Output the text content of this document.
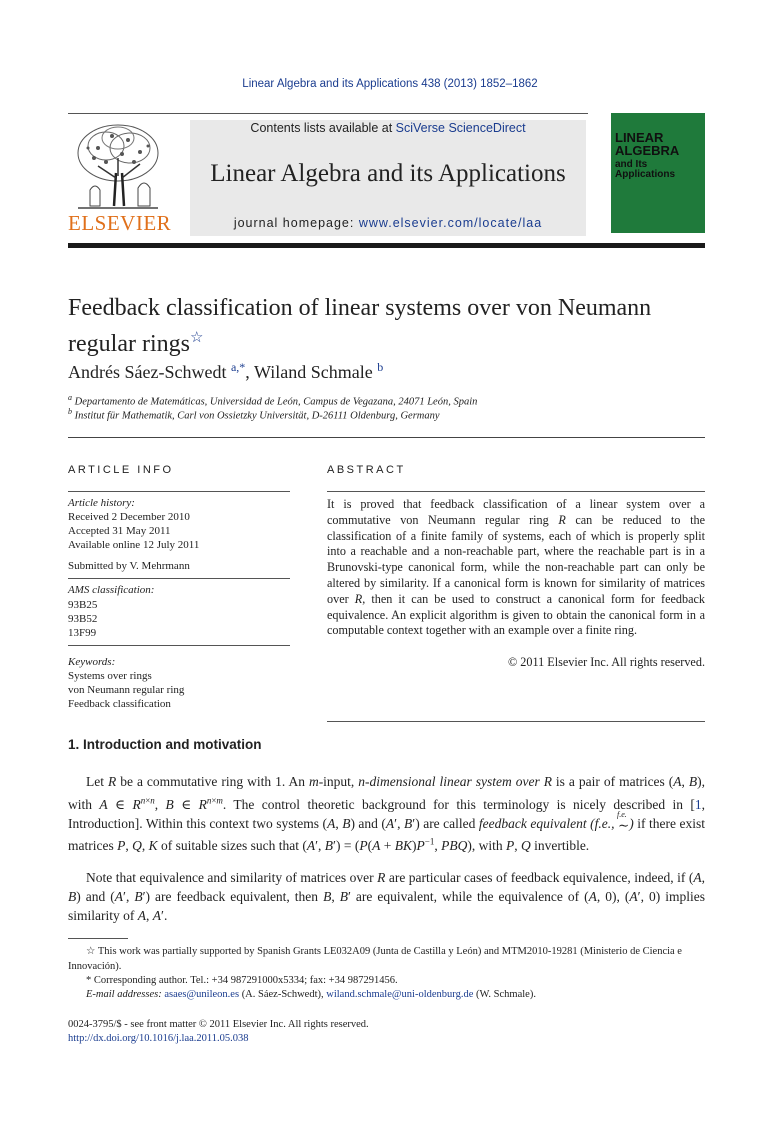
Linear Algebra and its Applications 438 (2013) 1852–1862
ELSEVIER
Contents lists available at SciVerse ScienceDirect
Linear Algebra and its Applications
journal homepage: www.elsevier.com/locate/laa
LINEAR
ALGEBRA
and Its
Applications
Feedback classification of linear systems over von Neumann
regular rings☆
Andrés Sáez-Schwedt $^{a,*}$, Wiland Schmale $^b$
$^a$ Departamento de Matemáticas, Universidad de León, Campus de Vegazana, 24071 León, Spain
$^b$ Institut für Mathematik, Carl von Ossietzky Universität, D-26111 Oldenburg, Germany
ARTICLE INFO
Article history:
Received 2 December 2010
Accepted 31 May 2011
Available online 12 July 2011
Submitted by V. Mehrmann
AMS classification:
93B25
93B52
13F99
Keywords:
Systems over rings
von Neumann regular ring
Feedback classification
ABSTRACT
It is proved that feedback classification of a linear system over a commutative von Neumann regular ring R can be reduced to the classification of a finite family of systems, each of which is properly split into a reachable and a non-reachable part, where the reachable part is in a Brunovski-type canonical form, while the non-reachable part can only be altered by similarity. If a canonical form is known for similarity of matrices over R, then it can be used to construct a canonical form for feedback equivalence. An explicit algorithm is given to obtain the canonical form in a computable context together with an example over a finite ring.
© 2011 Elsevier Inc. All rights reserved.
1. Introduction and motivation
Let R be a commutative ring with 1. An m-input, n-dimensional linear system over R is a pair of matrices (A, B), with A ∈ $R^{n\times n}$, B ∈ $R^{n\times m}$. The control theoretic background for this terminology is nicely described in [1, Introduction]. Within this context two systems (A, B) and (A′, B′) are called feedback equivalent (f.e.,
f.e.
∼) if there exist matrices P, Q, K of suitable sizes such that (A′, $B') = (P(A + BK)P^{-1}$, PBQ), with P, Q invertible.
Note that equivalence and similarity of matrices over R are particular cases of feedback equivalence, indeed, if (A, B) and (A′, B′) are feedback equivalent, then B, B′ are equivalent, while the equivalence of (A, 0), (A′, 0) implies similarity of A, A′.
☆ This work was partially supported by Spanish Grants LE032A09 (Junta de Castilla y León) and MTM2010-19281 (Ministerio de Ciencia e Innovación).
* Corresponding author. Tel.: +34 987291000x5334; fax: +34 987291456.
E-mail addresses: asaes@unileon.es (A. Sáez-Schwedt), wiland.schmale@uni-oldenburg.de (W. Schmale).
0024-3795/$ - see front matter © 2011 Elsevier Inc. All rights reserved.
http://dx.doi.org/10.1016/j.laa.2011.05.038
